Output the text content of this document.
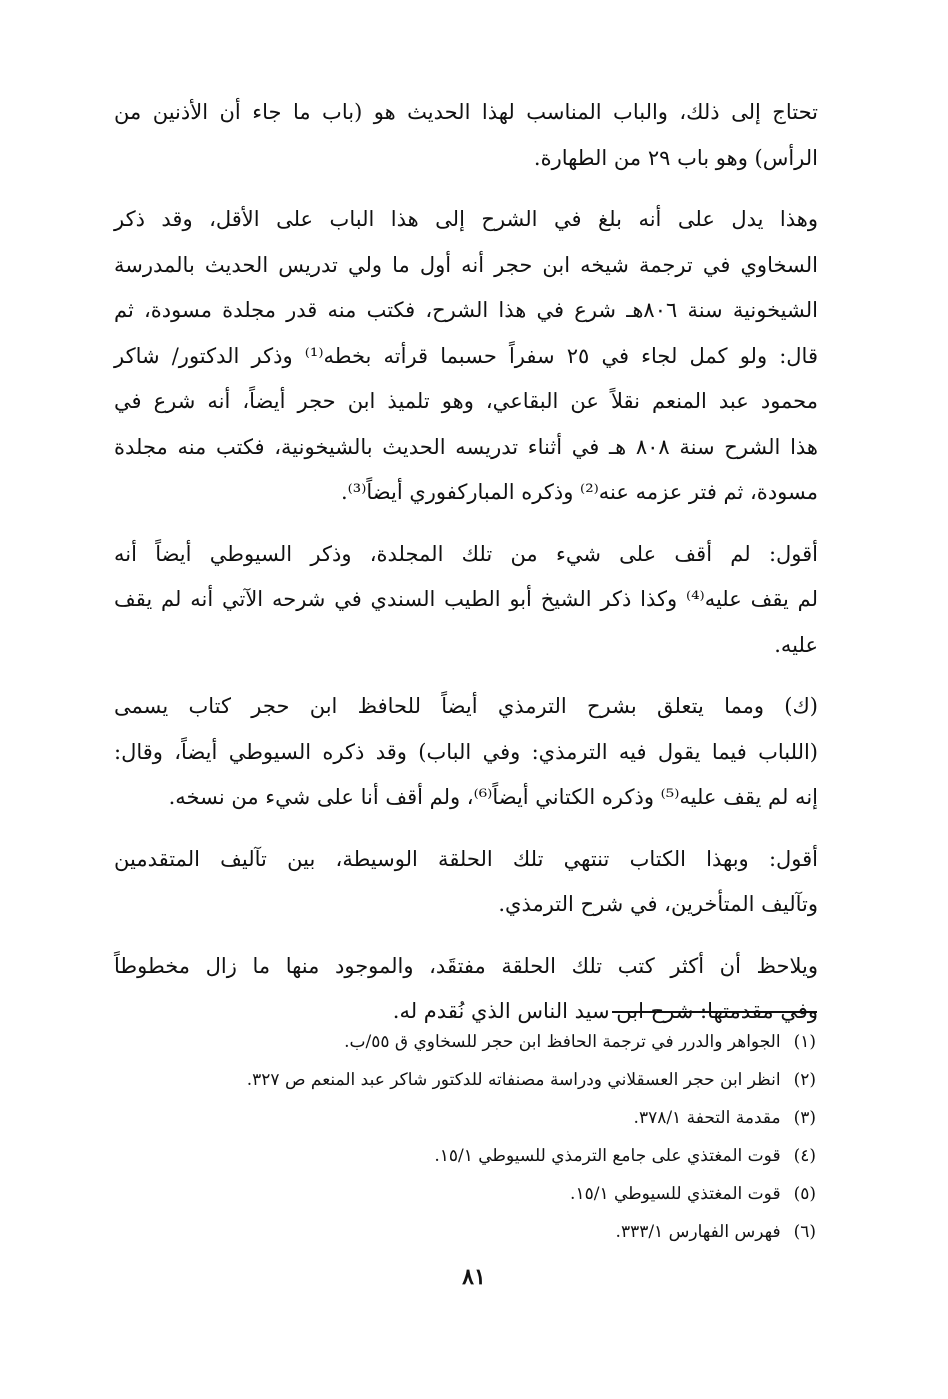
تحتاج إلى ذلك، والباب المناسب لهذا الحديث هو (باب ما جاء أن الأذنين من
الرأس) وهو باب ٢٩ من الطهارة.
وهذا يدل على أنه بلغ في الشرح إلى هذا الباب على الأقل، وقد ذكر
السخاوي في ترجمة شيخه ابن حجر أنه أول ما ولي تدريس الحديث بالمدرسة
الشيخونية سنة ٨٠٦هـ شرع في هذا الشرح، فكتب منه قدر مجلدة مسودة، ثم
قال: ولو كمل لجاء في ٢٥ سفراً حسبما قرأته بخطه⁽¹⁾ وذكر الدكتور/ شاكر
محمود عبد المنعم نقلاً عن البقاعي، وهو تلميذ ابن حجر أيضاً، أنه شرع في
هذا الشرح سنة ٨٠٨ هـ في أثناء تدريسه الحديث بالشيخونية، فكتب منه مجلدة
مسودة، ثم فتر عزمه عنه⁽²⁾ وذكره المباركفوري أيضاً⁽³⁾.
أقول: لم أقف على شيء من تلك المجلدة، وذكر السيوطي أيضاً أنه
لم يقف عليه⁽⁴⁾ وكذا ذكر الشيخ أبو الطيب السندي في شرحه الآتي أنه لم يقف
عليه.
(ك) ومما يتعلق بشرح الترمذي أيضاً للحافظ ابن حجر كتاب يسمى
(اللباب فيما يقول فيه الترمذي: وفي الباب) وقد ذكره السيوطي أيضاً، وقال:
إنه لم يقف عليه⁽⁵⁾ وذكره الكتاني أيضاً⁽⁶⁾، ولم أقف أنا على شيء من نسخه.
أقول: وبهذا الكتاب تنتهي تلك الحلقة الوسيطة، بين تآليف المتقدمين
وتآليف المتأخرين، في شرح الترمذي.
ويلاحظ أن أكثر كتب تلك الحلقة مفتقَد، والموجود منها ما زال مخطوطاً
وفي مقدمتها: شرح ابن سيد الناس الذي نُقدم له.
(١) الجواهر والدرر في ترجمة الحافظ ابن حجر للسخاوي ق ٥٥/ب.
(٢) انظر ابن حجر العسقلاني ودراسة مصنفاته للدكتور شاكر عبد المنعم ص ٣٢٧.
(٣) مقدمة التحفة ٣٧٨/١.
(٤) قوت المغتذي على جامع الترمذي للسيوطي ١٥/١.
(٥) قوت المغتذي للسيوطي ١٥/١.
(٦) فهرس الفهارس ٣٣٣/١.
٨١
